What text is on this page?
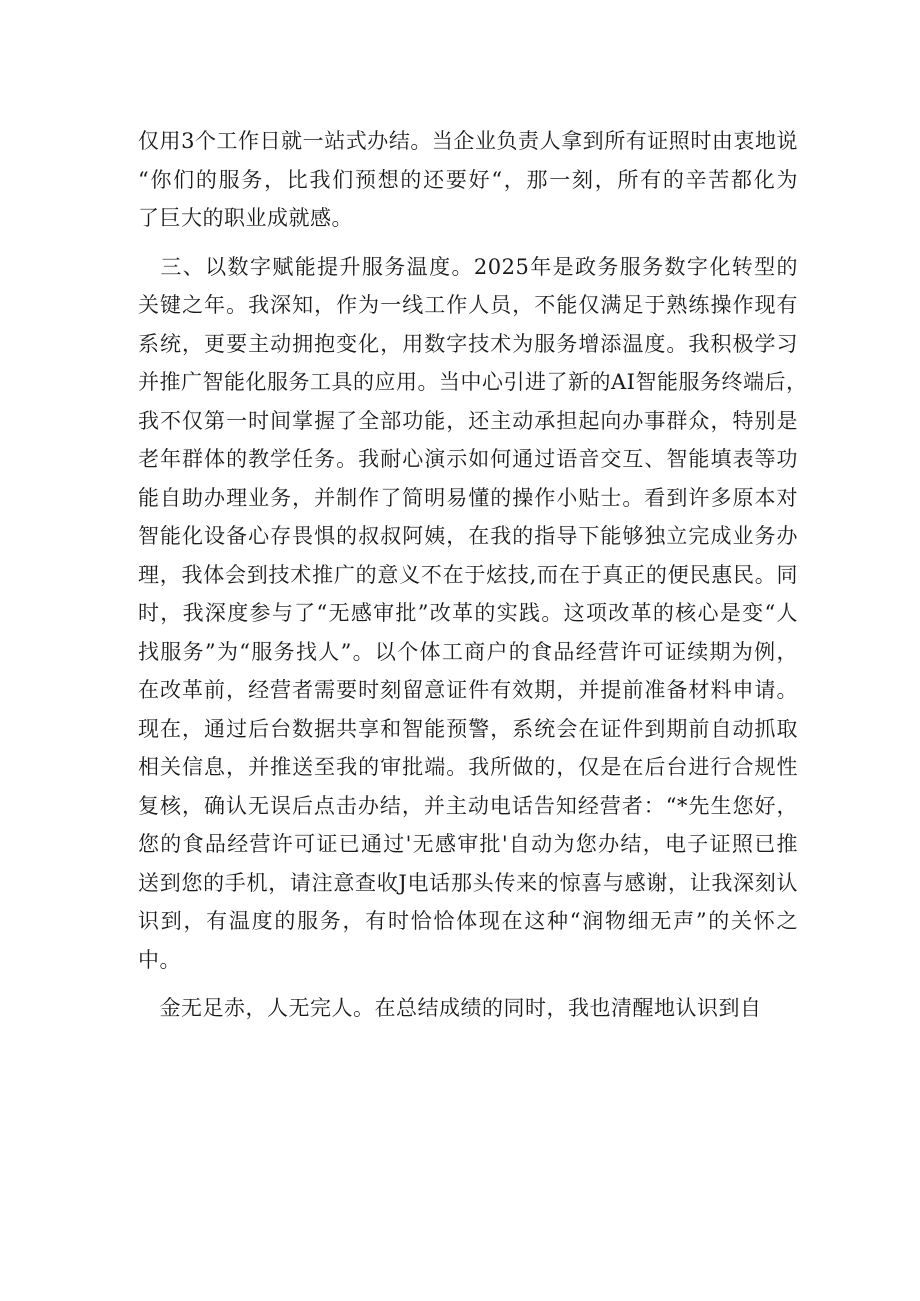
仅用3个工作日就一站式办结。当企业负责人拿到所有证照时由衷地说
“你们的服务，比我们预想的还要好“，那一刻，所有的辛苦都化为
了巨大的职业成就感。
　三、以数字赋能提升服务温度。2025年是政务服务数字化转型的
关键之年。我深知，作为一线工作人员，不能仅满足于熟练操作现有
系统，更要主动拥抱变化，用数字技术为服务增添温度。我积极学习
并推广智能化服务工具的应用。当中心引进了新的AI智能服务终端后，
我不仅第一时间掌握了全部功能，还主动承担起向办事群众，特别是
老年群体的教学任务。我耐心演示如何通过语音交互、智能填表等功
能自助办理业务，并制作了简明易懂的操作小贴士。看到许多原本对
智能化设备心存畏惧的叔叔阿姨，在我的指导下能够独立完成业务办
理，我体会到技术推广的意义不在于炫技,而在于真正的便民惠民。同
时，我深度参与了“无感审批”改革的实践。这项改革的核心是变“人
找服务”为“服务找人”。以个体工商户的食品经营许可证续期为例，
在改革前，经营者需要时刻留意证件有效期，并提前准备材料申请。
现在，通过后台数据共享和智能预警，系统会在证件到期前自动抓取
相关信息，并推送至我的审批端。我所做的，仅是在后台进行合规性
复核，确认无误后点击办结，并主动电话告知经营者：“*先生您好，
您的食品经营许可证已通过'无感审批'自动为您办结，电子证照已推
送到您的手机，请注意查收J电话那头传来的惊喜与感谢，让我深刻认
识到，有温度的服务，有时恰恰体现在这种“润物细无声”的关怀之
中。
　金无足赤，人无完人。在总结成绩的同时，我也清醒地认识到自
